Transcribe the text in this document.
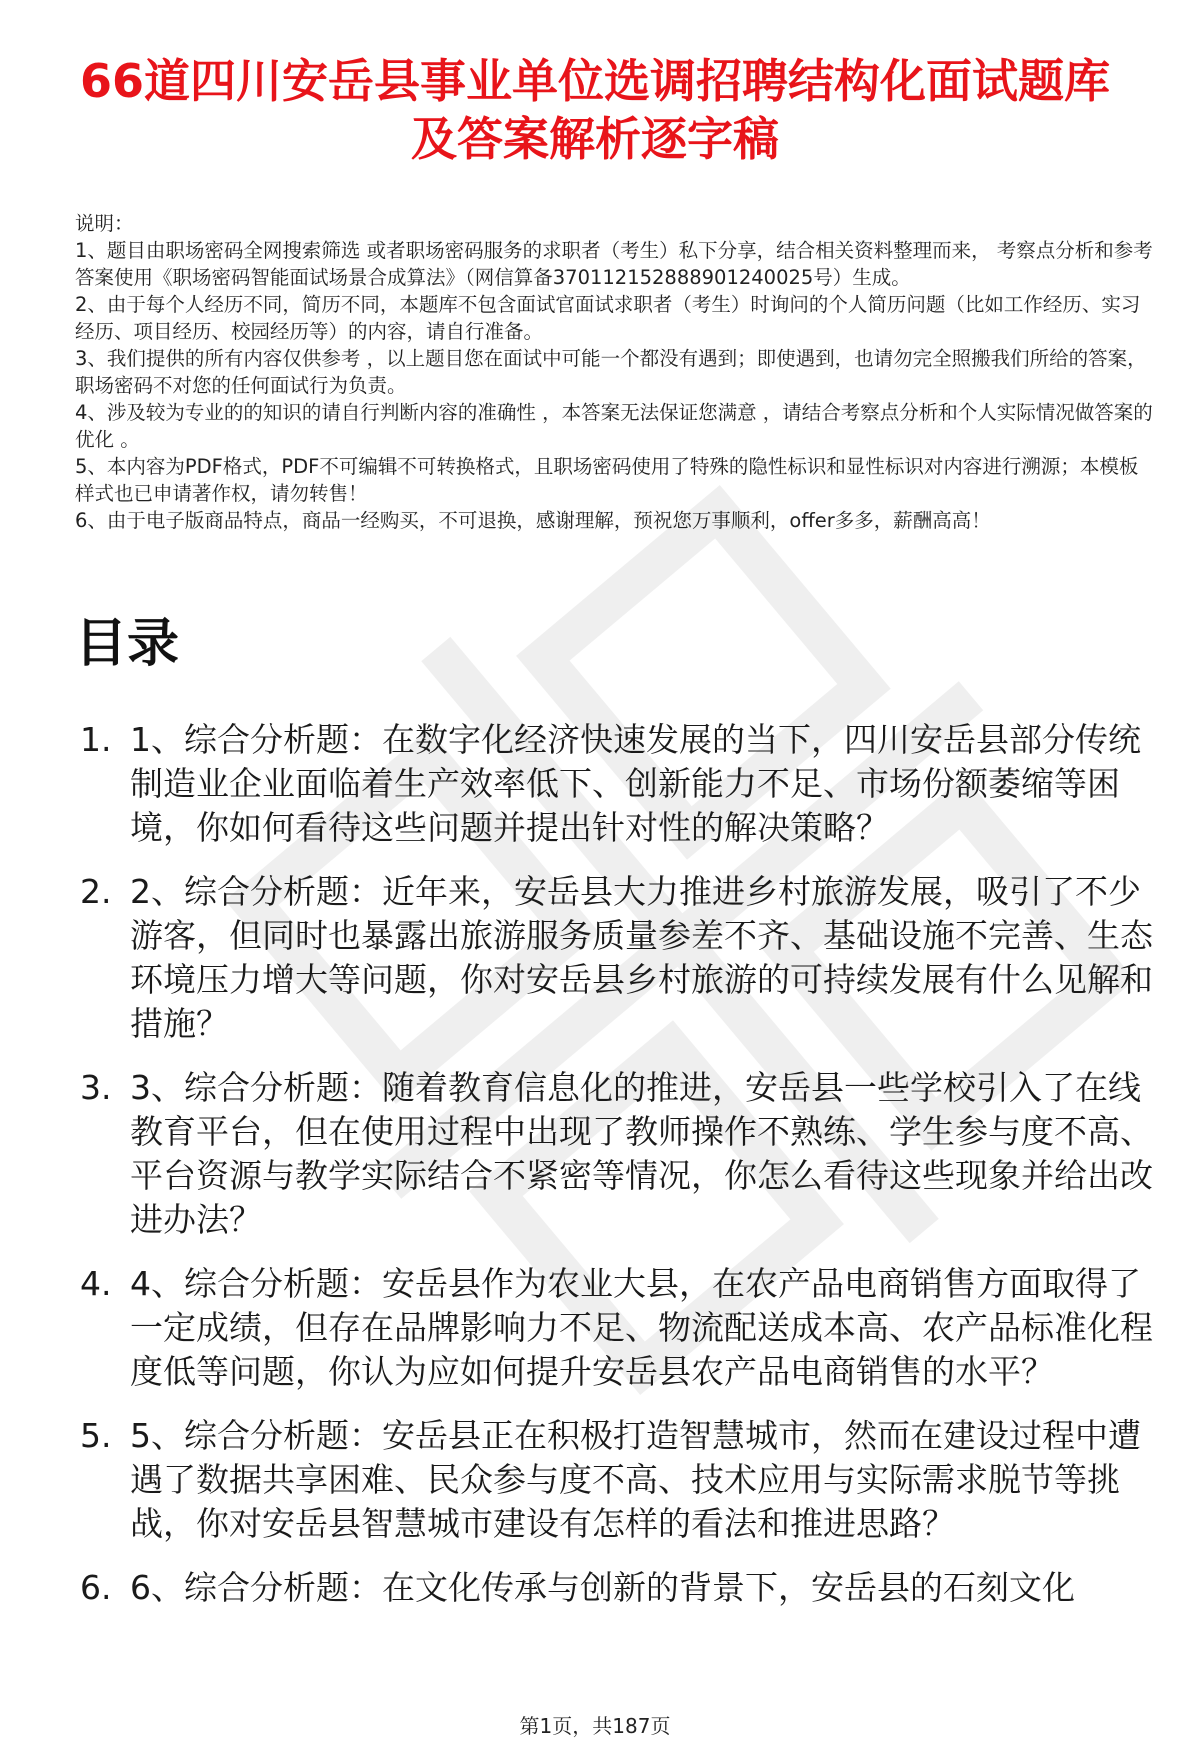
66道四川安岳县事业单位选调招聘结构化面试题库及答案解析逐字稿

说明：

1、题目由职场密码全网搜索筛选 或者职场密码服务的求职者（考生）私下分享，结合相关资料整理而来， 考察点分析和参考答案使用《职场密码智能面试场景合成算法》（网信算备370112152888901240025号）生成。

2、由于每个人经历不同，简历不同，本题库不包含面试官面试求职者（考生）时询问的个人简历问题（比如工作经历、实习经历、项目经历、校园经历等）的内容，请自行准备。

3、我们提供的所有内容仅供参考 ，以上题目您在面试中可能一个都没有遇到；即使遇到，也请勿完全照搬我们所给的答案，职场密码不对您的任何面试行为负责。

4、涉及较为专业的的知识的请自行判断内容的准确性 ，本答案无法保证您满意 ，请结合考察点分析和个人实际情况做答案的优化 。

5、本内容为PDF格式，PDF不可编辑不可转换格式，且职场密码使用了特殊的隐性标识和显性标识对内容进行溯源；本模板样式也已申请著作权，请勿转售！

6、由于电子版商品特点，商品一经购买，不可退换，感谢理解，预祝您万事顺利，offer多多，薪酬高高！

目录
1. 1、综合分析题：在数字化经济快速发展的当下，四川安岳县部分传统制造业企业面临着生产效率低下、创新能力不足、市场份额萎缩等困境，你如何看待这些问题并提出针对性的解决策略？
2. 2、综合分析题：近年来，安岳县大力推进乡村旅游发展，吸引了不少游客，但同时也暴露出旅游服务质量参差不齐、基础设施不完善、生态环境压力增大等问题，你对安岳县乡村旅游的可持续发展有什么见解和措施？
3. 3、综合分析题：随着教育信息化的推进，安岳县一些学校引入了在线教育平台，但在使用过程中出现了教师操作不熟练、学生参与度不高、平台资源与教学实际结合不紧密等情况，你怎么看待这些现象并给出改进办法？
4. 4、综合分析题：安岳县作为农业大县，在农产品电商销售方面取得了一定成绩，但存在品牌影响力不足、物流配送成本高、农产品标准化程度低等问题，你认为应如何提升安岳县农产品电商销售的水平？
5. 5、综合分析题：安岳县正在积极打造智慧城市，然而在建设过程中遭遇了数据共享困难、民众参与度不高、技术应用与实际需求脱节等挑战，你对安岳县智慧城市建设有怎样的看法和推进思路？
6. 6、综合分析题：在文化传承与创新的背景下，安岳县的石刻文化
第1页，共187页
